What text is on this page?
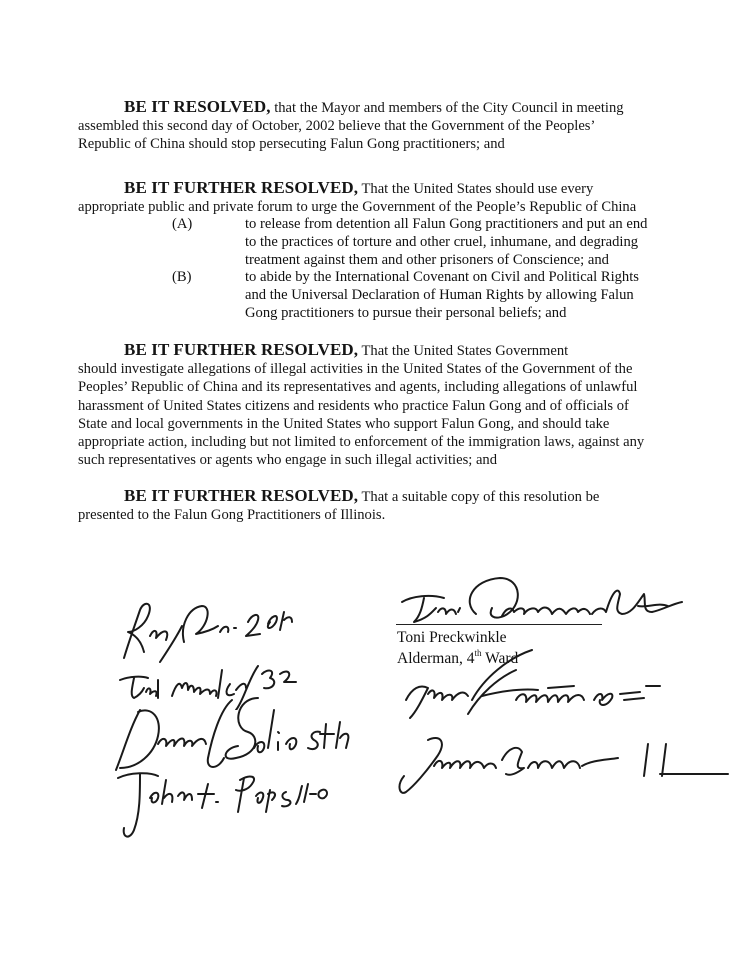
BE IT RESOLVED, that the Mayor and members of the City Council in meeting
assembled this second day of October, 2002 believe that the Government of the Peoples’
Republic of China should stop persecuting Falun Gong practitioners; and
BE IT FURTHER RESOLVED, That the United States should use every
appropriate public and private forum to urge the Government of the People’s Republic of China
(A)	to release from detention all Falun Gong practitioners and put an end
to the practices of torture and other cruel, inhumane, and degrading
treatment against them and other prisoners of Conscience; and
(B)	to abide by the International Covenant on Civil and Political Rights
and the Universal Declaration of Human Rights by allowing Falun
Gong practitioners to pursue their personal beliefs; and
BE IT FURTHER RESOLVED, That the United States Government
should investigate allegations of illegal activities in the United States of the Government of the
Peoples’ Republic of China and its representatives and agents, including allegations of unlawful
harassment of United States citizens and residents who practice Falun Gong and of officials of
State and local governments in the United States who support Falun Gong, and should take
appropriate action, including but not limited to enforcement of the immigration laws, against any
such representatives or agents who engage in such illegal activities; and
BE IT FURTHER RESOLVED, That a suitable copy of this resolution be
presented to the Falun Gong Practitioners of Illinois.
Toni Preckwinkle
Alderman, 4th Ward
